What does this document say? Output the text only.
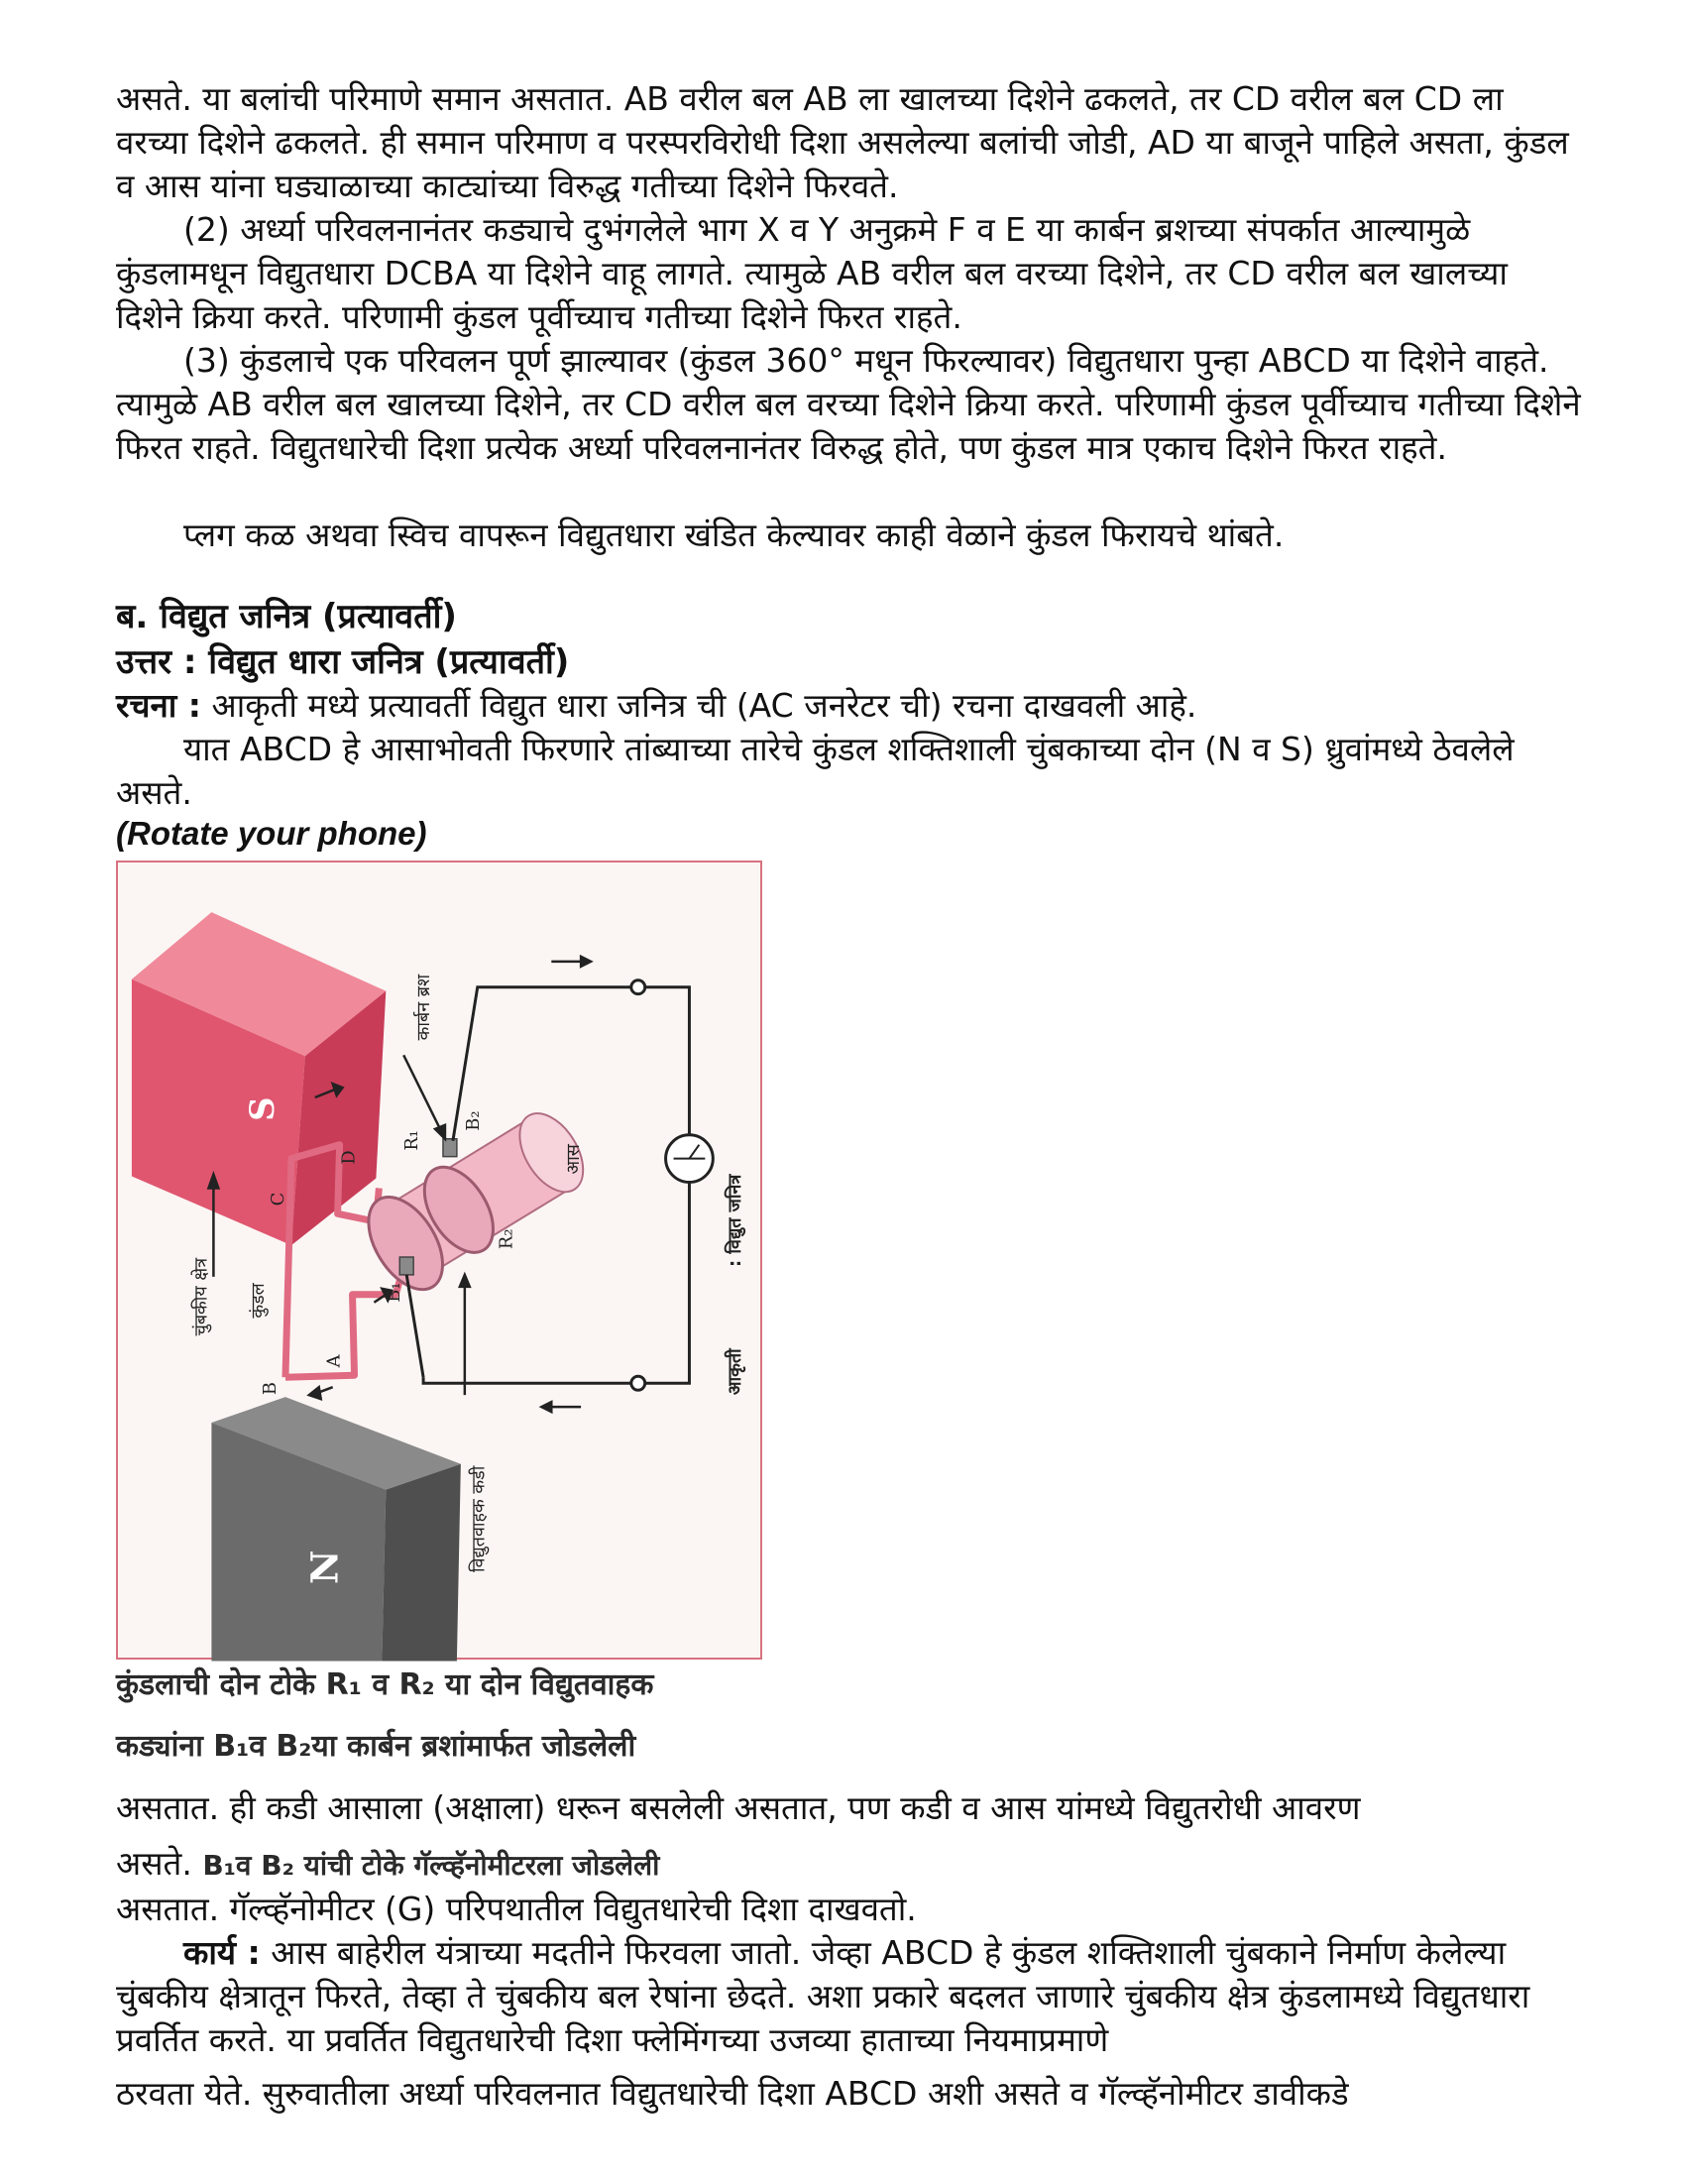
असते. या बलांची परिमाणे समान असतात. AB वरील बल AB ला खालच्या दिशेने ढकलते, तर CD वरील बल CD ला वरच्या दिशेने ढकलते. ही समान परिमाण व परस्परविरोधी दिशा असलेल्या बलांची जोडी, AD या बाजूने पाहिले असता, कुंडल व आस यांना घड्याळाच्या काट्यांच्या विरुद्ध गतीच्या दिशेने फिरवते.

(2) अर्ध्या परिवलनानंतर कड्याचे दुभंगलेले भाग X व Y अनुक्रमे F व E या कार्बन ब्रशच्या संपर्कात आल्यामुळे कुंडलामधून विद्युतधारा DCBA या दिशेने वाहू लागते. त्यामुळे AB वरील बल वरच्या दिशेने, तर CD वरील बल खालच्या दिशेने क्रिया करते. परिणामी कुंडल पूर्वीच्याच गतीच्या दिशेने फिरत राहते.

(3) कुंडलाचे एक परिवलन पूर्ण झाल्यावर (कुंडल 360° मधून फिरल्यावर) विद्युतधारा पुन्हा ABCD या दिशेने वाहते. त्यामुळे AB वरील बल खालच्या दिशेने, तर CD वरील बल वरच्या दिशेने क्रिया करते. परिणामी कुंडल पूर्वीच्याच गतीच्या दिशेने फिरत राहते. विद्युतधारेची दिशा प्रत्येक अर्ध्या परिवलनानंतर विरुद्ध होते, पण कुंडल मात्र एकाच दिशेने फिरत राहते.

प्लग कळ अथवा स्विच वापरून विद्युतधारा खंडित केल्यावर काही वेळाने कुंडल फिरायचे थांबते.

ब. विद्युत जनित्र (प्रत्यावर्ती)

उत्तर : विद्युत धारा जनित्र (प्रत्यावर्ती)

रचना : आकृती मध्ये प्रत्यावर्ती विद्युत धारा जनित्र ची (AC जनरेटर ची) रचना दाखवली आहे.

यात ABCD हे आसाभोवती फिरणारे तांब्याच्या तारेचे कुंडल शक्तिशाली चुंबकाच्या दोन (N व S) ध्रुवांमध्ये ठेवलेले असते.

(Rotate your phone)
S
N
कार्बन ब्रश
आस
चुंबकीय क्षेत्र कुंडल
विद्युतवाहक कडी
आकृती
: विद्युत जनित्र
A
B
C
D
R₁
R₂
B₁
B₂
कुंडलाची दोन टोके R₁ व R₂ या दोन विद्युतवाहक
कड्यांना B₁व B₂या कार्बन ब्रशांमार्फत जोडलेली

असतात. ही कडी आसाला (अक्षाला) धरून बसलेली असतात, पण कडी व आस यांमध्ये विद्युतरोधी आवरण

असते. B₁व B₂ यांची टोके गॅल्व्हॅनोमीटरला जोडलेली

असतात. गॅल्व्हॅनोमीटर (G) परिपथातील विद्युतधारेची दिशा दाखवतो.

कार्य : आस बाहेरील यंत्राच्या मदतीने फिरवला जातो. जेव्हा ABCD हे कुंडल शक्तिशाली चुंबकाने निर्माण केलेल्या चुंबकीय क्षेत्रातून फिरते, तेव्हा ते चुंबकीय बल रेषांना छेदते. अशा प्रकारे बदलत जाणारे चुंबकीय क्षेत्र कुंडलामध्ये विद्युतधारा प्रवर्तित करते. या प्रवर्तित विद्युतधारेची दिशा फ्लेमिंगच्या उजव्या हाताच्या नियमाप्रमाणे

ठरवता येते. सुरुवातीला अर्ध्या परिवलनात विद्युतधारेची दिशा ABCD अशी असते व गॅल्व्हॅनोमीटर डावीकडे
